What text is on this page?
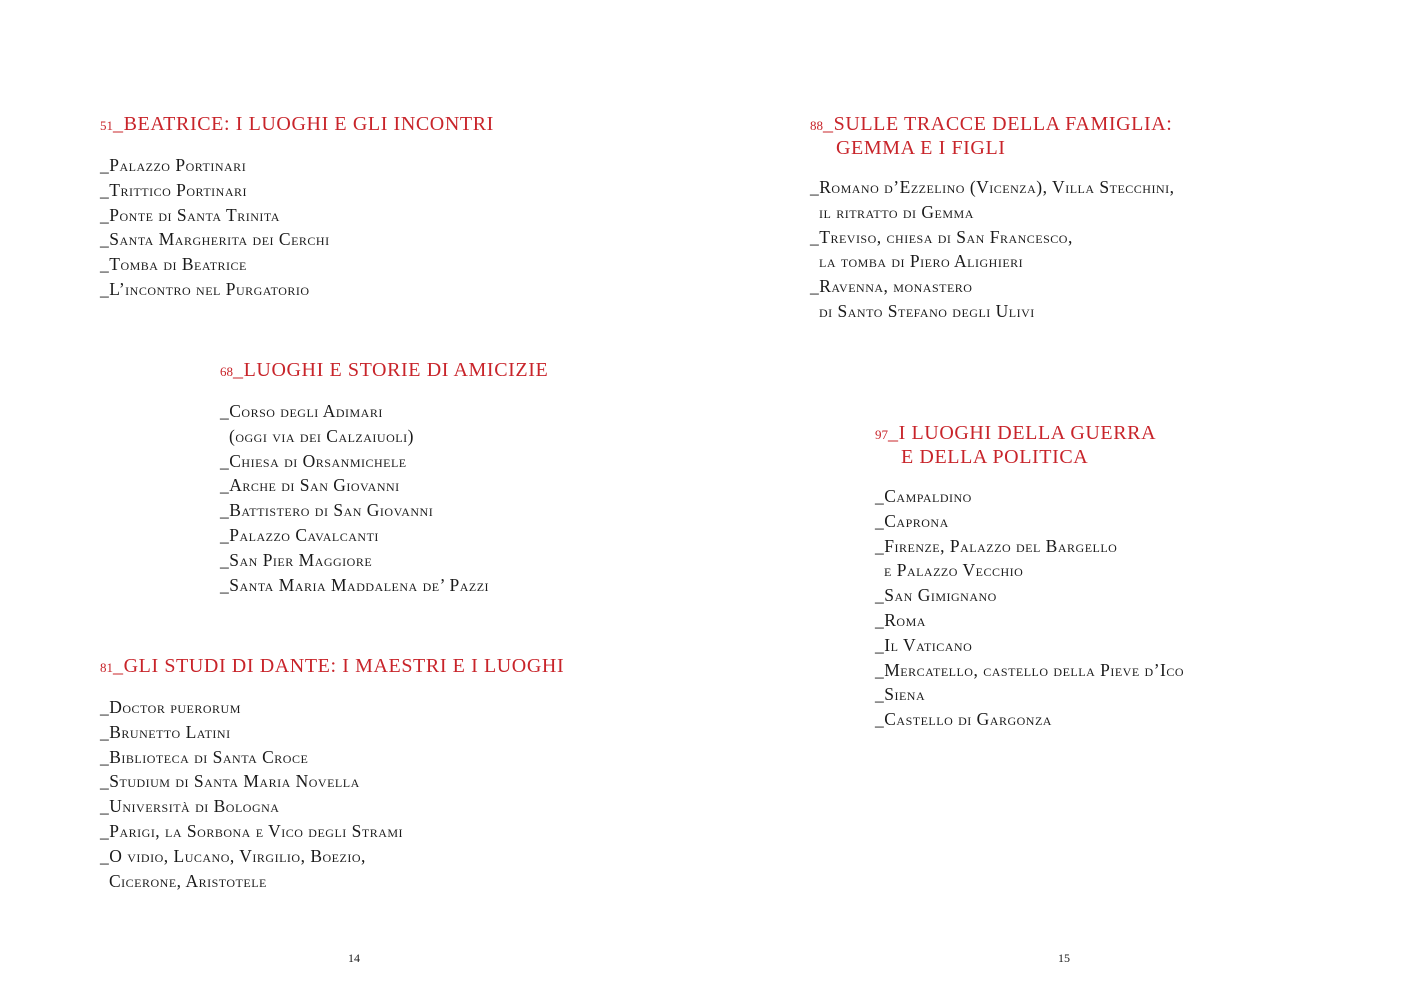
51_BEATRICE: I LUOGHI E GLI INCONTRI
_Palazzo Portinari
_Trittico Portinari
_Ponte di Santa Trinita
_Santa Margherita dei Cerchi
_Tomba di Beatrice
_L’incontro nel Purgatorio
68_LUOGHI E STORIE DI AMICIZIE
_Corso degli Adimari
(oggi via dei Calzaiuoli)
_Chiesa di Orsanmichele
_Arche di San Giovanni
_Battistero di San Giovanni
_Palazzo Cavalcanti
_San Pier Maggiore
_Santa Maria Maddalena de’ Pazzi
81_GLI STUDI DI DANTE: I MAESTRI E I LUOGHI
_Doctor puerorum
_Brunetto Latini
_Biblioteca di Santa Croce
_Studium di Santa Maria Novella
_Università di Bologna
_Parigi, la Sorbona e Vico degli Strami
_O vidio, Lucano, Virgilio, Boezio,
Cicerone, Aristotele
14
88_SULLE TRACCE DELLA FAMIGLIA:
GEMMA E I FIGLI
_Romano d’Ezzelino (Vicenza), Villa Stecchini,
il ritratto di Gemma
_Treviso, chiesa di San Francesco,
la tomba di Piero Alighieri
_Ravenna, monastero
di Santo Stefano degli Ulivi
97_I LUOGHI DELLA GUERRA
E DELLA POLITICA
_Campaldino
_Caprona
_Firenze, Palazzo del Bargello
e Palazzo Vecchio
_San Gimignano
_Roma
_Il Vaticano
_Mercatello, castello della Pieve d’Ico
_Siena
_Castello di Gargonza
15
